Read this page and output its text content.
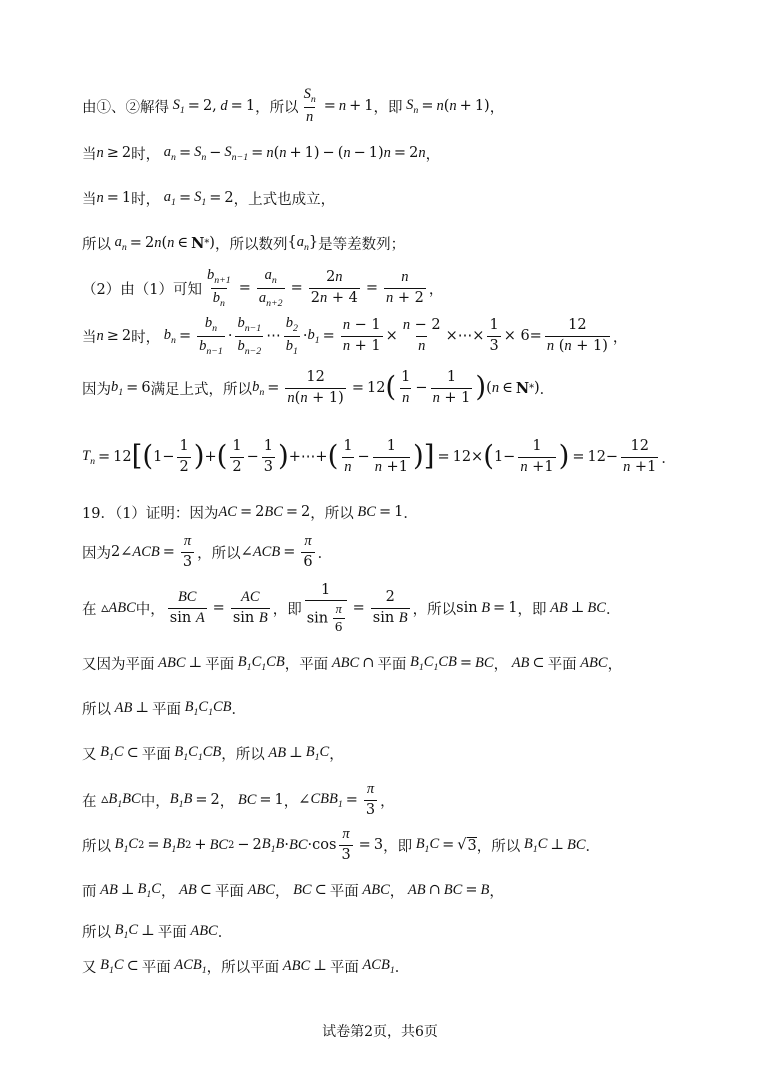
由①、②解得 $S_1 = 2$, d = 1 ， 所以 $\frac{S_n}{n} = n + 1$ ， 即 $S_n = n$ ( n + 1) ，
当 n ≥ 2 时， $a_n = S_n - S_{n-1} = n$ ( n + 1) − ( n − 1) n = 2 n ，
当 n = 1 时， $a_1 = S_1 = 2$ ， 上式也成立，
所以 $a_n = 2$ n ( n ∈ N * ) ， 所以数列 $\{a_n\}$ 是等差数列；
（2）由（1）可知 $\frac{b_{n+1}}{b_n} = \frac{a_n}{a_{n+2}} = \frac{2n}{2n + 4} = \frac{n}{n + 2}$ ，
当 n ≥ 2 时， $b_n = \frac{b_n}{b_{n-1}}$ ·
$b_{n-1}$
$b_{n-2}$
⋯
$b_2$
$b_1$
· $b_1 = \frac{n - 1}{n + 1}$ ×
n − 2
n
×⋯×
1
3
× 6=
12
n (n + 1) ，
因为 $b_1 = 6$ 满足上式，所以 $b_n = \frac{12}{n(n + 1)} = 12$ ( 1
n
−
1
n + 1 ) ( n ∈ N * ) ．
$T_n = 12$ [ ( 1−
1
2 ) + ( 1
2
−
1
3 ) +⋯+ ( 1
n
−
1
n +1 ) ] = 12× ( 1−
1
n +1 ) = $12- \frac{12}{n +1}$ ．
19．（1）证明：因为 AC = 2 BC = 2 ， 所以 BC = 1 ．
因为 2∠ ACB = $\frac{\pi}{3}$ ， 所以 ∠ ACB = $\frac{\pi}{6}$ ．
在 ▵ABC 中， $\frac{BC}{\text{sin A}} = \frac{AC}{\text{sin B}}$ ， 即 $\frac{1}{\sin \frac{\pi}{6}} = \frac{2}{\text{sin B}}$ ， 所以 sin B = 1 ， 即 AB ⊥ BC ．
又因为平面 ABC ⊥ 平面 $B_1C_1CB$ ， 平面 ABC ∩ 平面 $B_1C_1CB$ = BC ， AB ⊂ 平面 ABC ，
所以 AB ⊥ 平面 $B_1C_1CB$ ．
又 $B_1C$ ⊂ 平面 $B_1C_1CB$ ， 所以 AB ⊥ $B_1C$ ，
在 $▵B_1BC$ 中， $B_1B = 2$ ， BC = 1 ， ∠ $CBB_1 = \frac{\pi}{3}$ ，
所以 $B_1C$ $2 = B_1B$ 2 + BC 2 − 2 $B_1B$ · BC $\cdot\cos \frac{\pi}{3} = 3$ ， 即 $B_1C$ = √ 3 ， 所以 $B_1C$ ⊥ BC ．
而 AB ⊥ $B_1C$ ， AB ⊂ 平面 ABC ， BC ⊂ 平面 ABC ， AB ∩ BC = B ，
所以 $B_1C$ ⊥ 平面 ABC ．
又 $B_1C$ ⊂ 平面 $ACB_1$ ， 所以 平面 ABC ⊥ 平面 $ACB_1$ ．
试卷第2页，共6页
